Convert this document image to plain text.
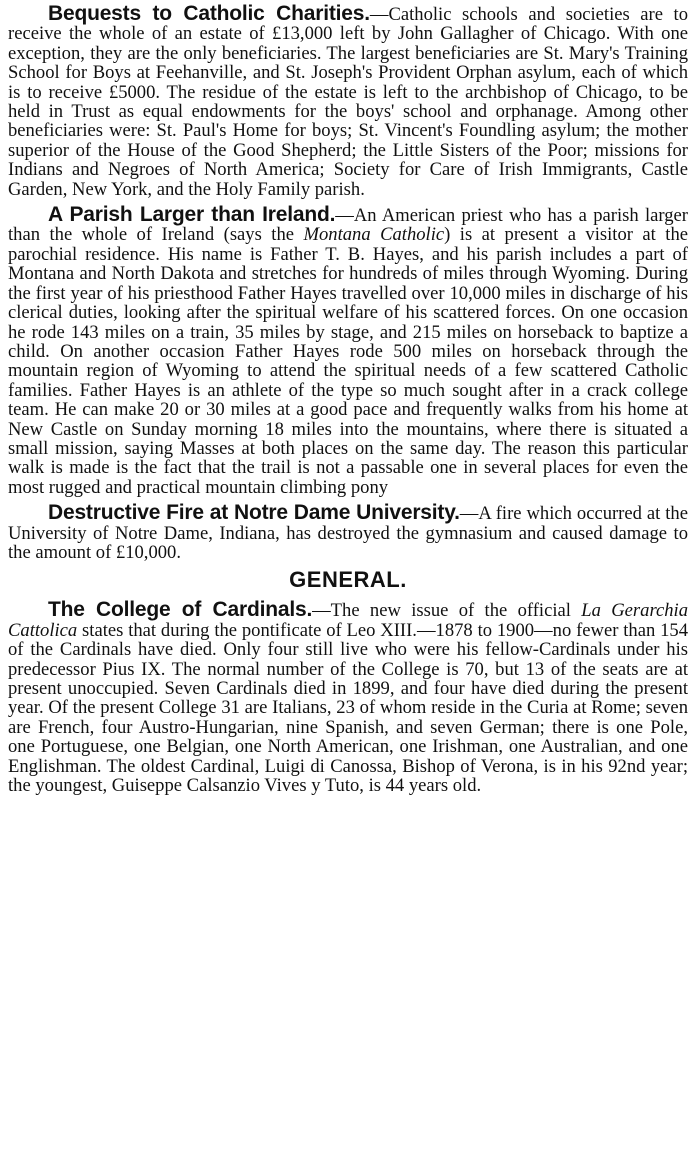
Bequests to Catholic Charities.—Catholic schools and societies are to receive the whole of an estate of £13,000 left by John Gallagher of Chicago. With one exception, they are the only beneficiaries. The largest beneficiaries are St. Mary's Training School for Boys at Feehanville, and St. Joseph's Provident Orphan asylum, each of which is to receive £5000. The residue of the estate is left to the archbishop of Chicago, to be held in Trust as equal endowments for the boys' school and orphanage. Among other beneficiaries were: St. Paul's Home for boys; St. Vincent's Foundling asylum; the mother superior of the House of the Good Shepherd; the Little Sisters of the Poor; missions for Indians and Negroes of North America; Society for Care of Irish Immigrants, Castle Garden, New York, and the Holy Family parish.

A Parish Larger than Ireland.—An American priest who has a parish larger than the whole of Ireland (says the Montana Catholic) is at present a visitor at the parochial residence. His name is Father T. B. Hayes, and his parish includes a part of Montana and North Dakota and stretches for hundreds of miles through Wyoming. During the first year of his priesthood Father Hayes travelled over 10,000 miles in discharge of his clerical duties, looking after the spiritual welfare of his scattered forces. On one occasion he rode 143 miles on a train, 35 miles by stage, and 215 miles on horseback to baptize a child. On another occasion Father Hayes rode 500 miles on horseback through the mountain region of Wyoming to attend the spiritual needs of a few scattered Catholic families. Father Hayes is an athlete of the type so much sought after in a crack college team. He can make 20 or 30 miles at a good pace and frequently walks from his home at New Castle on Sunday morning 18 miles into the mountains, where there is situated a small mission, saying Masses at both places on the same day. The reason this particular walk is made is the fact that the trail is not a passable one in several places for even the most rugged and practical mountain climbing pony

Destructive Fire at Notre Dame University.—A fire which occurred at the University of Notre Dame, Indiana, has destroyed the gymnasium and caused damage to the amount of £10,000.

GENERAL.

The College of Cardinals.—The new issue of the official La Gerarchia Cattolica states that during the pontificate of Leo XIII.—1878 to 1900—no fewer than 154 of the Cardinals have died. Only four still live who were his fellow-Cardinals under his predecessor Pius IX. The normal number of the College is 70, but 13 of the seats are at present unoccupied. Seven Cardinals died in 1899, and four have died during the present year. Of the present College 31 are Italians, 23 of whom reside in the Curia at Rome; seven are French, four Austro-Hungarian, nine Spanish, and seven German; there is one Pole, one Portuguese, one Belgian, one North American, one Irishman, one Australian, and one Englishman. The oldest Cardinal, Luigi di Canossa, Bishop of Verona, is in his 92nd year; the youngest, Guiseppe Calsanzio Vives y Tuto, is 44 years old.
